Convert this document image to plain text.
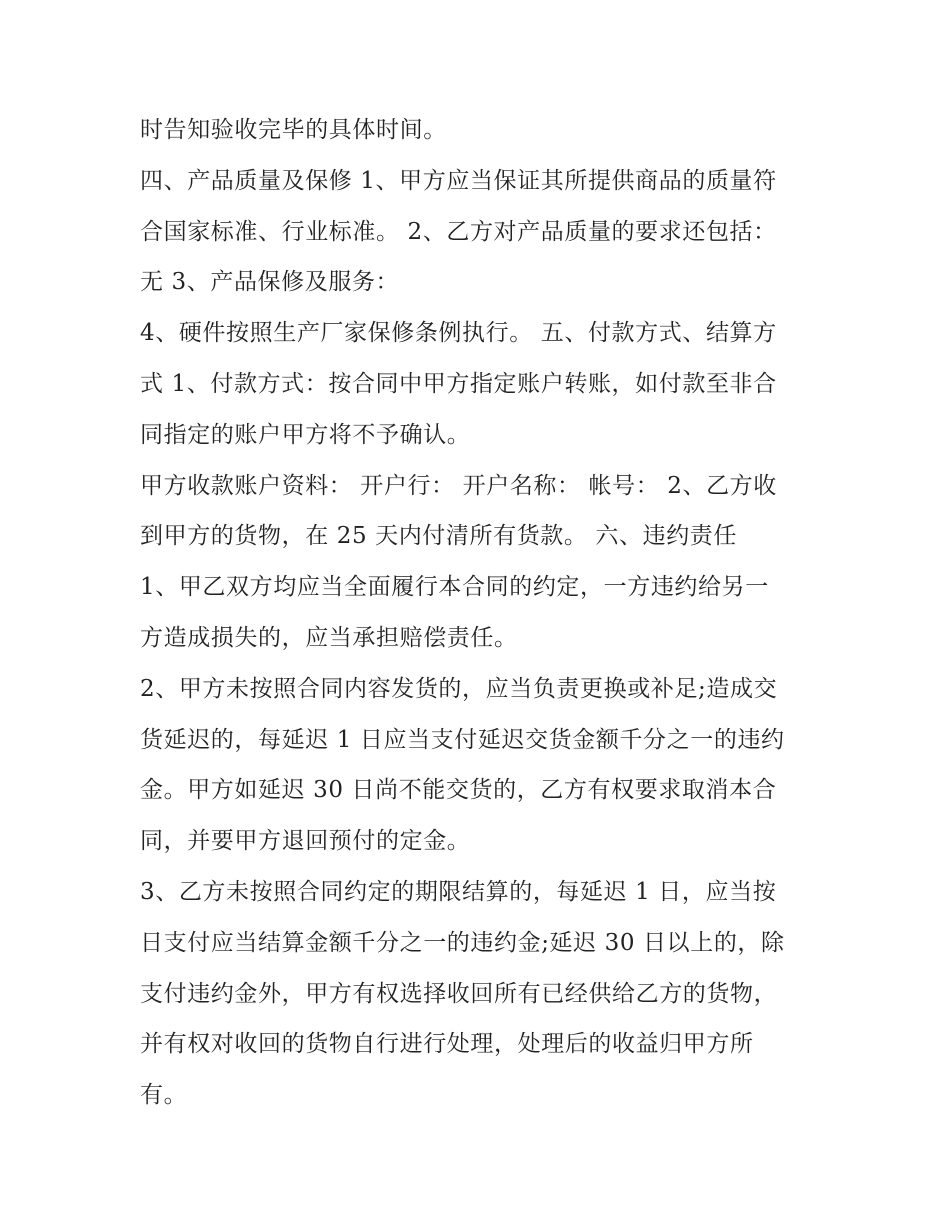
时告知验收完毕的具体时间。
四、产品质量及保修 1、甲方应当保证其所提供商品的质量符
合国家标准、行业标准。 2、乙方对产品质量的要求还包括：
无 3、产品保修及服务：
4、硬件按照生产厂家保修条例执行。 五、付款方式、结算方
式 1、付款方式：按合同中甲方指定账户转账，如付款至非合
同指定的账户甲方将不予确认。
甲方收款账户资料： 开户行： 开户名称： 帐号： 2、乙方收
到甲方的货物，在 25 天内付清所有货款。 六、违约责任
1、甲乙双方均应当全面履行本合同的约定，一方违约给另一
方造成损失的，应当承担赔偿责任。
2、甲方未按照合同内容发货的，应当负责更换或补足;造成交
货延迟的，每延迟 1 日应当支付延迟交货金额千分之一的违约
金。甲方如延迟 30 日尚不能交货的，乙方有权要求取消本合
同，并要甲方退回预付的定金。
3、乙方未按照合同约定的期限结算的，每延迟 1 日，应当按
日支付应当结算金额千分之一的违约金;延迟 30 日以上的，除
支付违约金外，甲方有权选择收回所有已经供给乙方的货物，
并有权对收回的货物自行进行处理，处理后的收益归甲方所
有。
